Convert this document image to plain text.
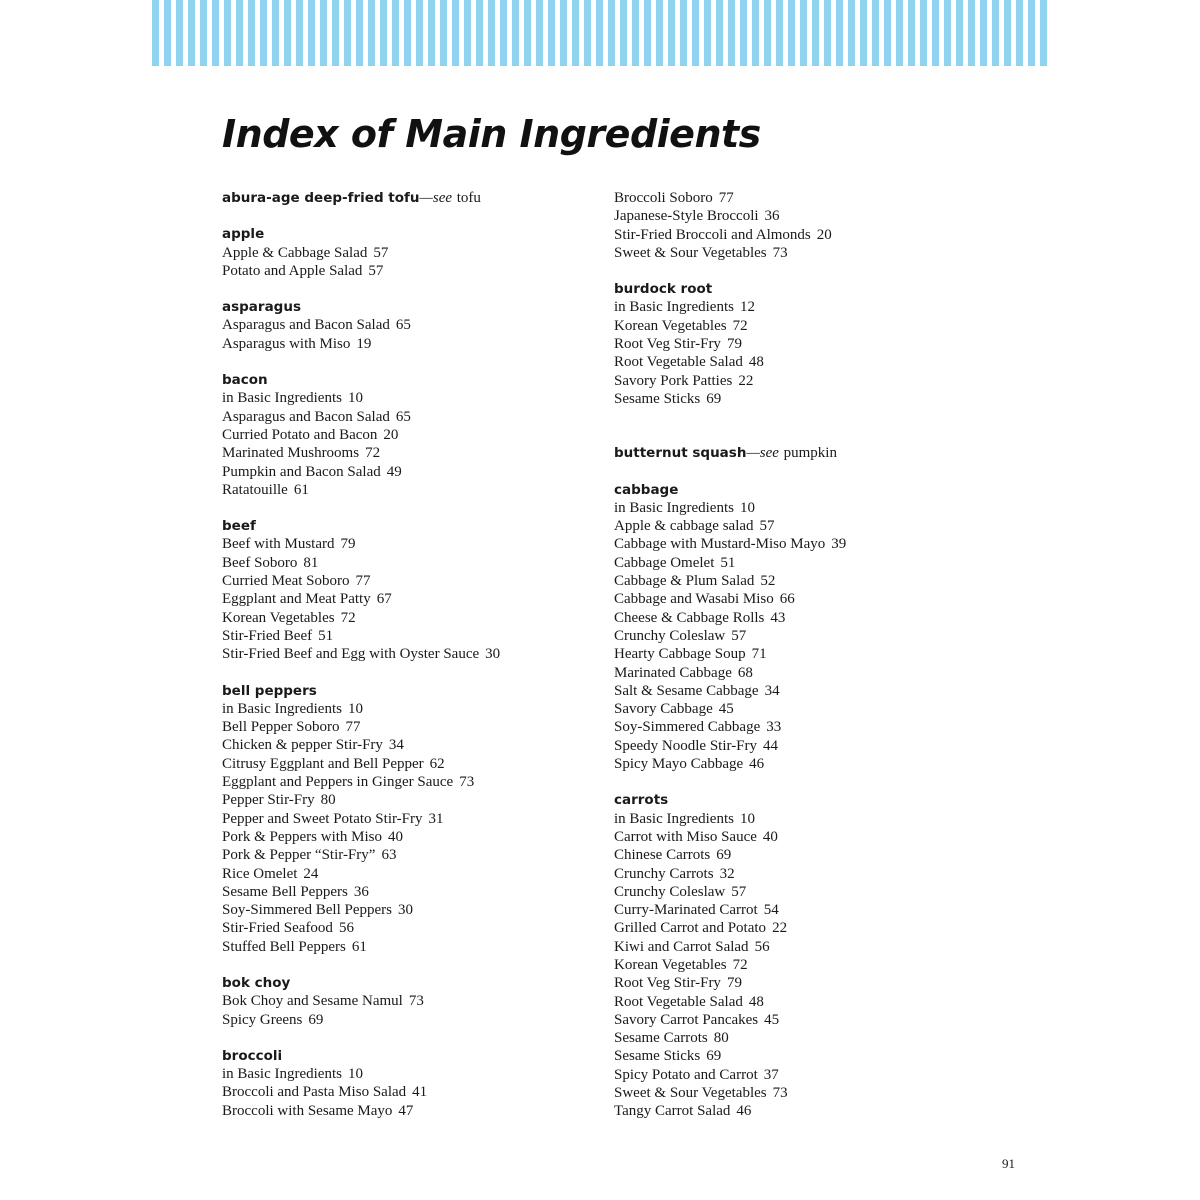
Index of Main Ingredients
abura-age deep-fried tofu—see tofu
apple
Apple & Cabbage Salad 57
Potato and Apple Salad 57
asparagus
Asparagus and Bacon Salad 65
Asparagus with Miso 19
bacon
in Basic Ingredients 10
Asparagus and Bacon Salad 65
Curried Potato and Bacon 20
Marinated Mushrooms 72
Pumpkin and Bacon Salad 49
Ratatouille 61
beef
Beef with Mustard 79
Beef Soboro 81
Curried Meat Soboro 77
Eggplant and Meat Patty 67
Korean Vegetables 72
Stir-Fried Beef 51
Stir-Fried Beef and Egg with Oyster Sauce 30
bell peppers
in Basic Ingredients 10
Bell Pepper Soboro 77
Chicken & pepper Stir-Fry 34
Citrusy Eggplant and Bell Pepper 62
Eggplant and Peppers in Ginger Sauce 73
Pepper Stir-Fry 80
Pepper and Sweet Potato Stir-Fry 31
Pork & Peppers with Miso 40
Pork & Pepper “Stir-Fry” 63
Rice Omelet 24
Sesame Bell Peppers 36
Soy-Simmered Bell Peppers 30
Stir-Fried Seafood 56
Stuffed Bell Peppers 61
bok choy
Bok Choy and Sesame Namul 73
Spicy Greens 69
broccoli
in Basic Ingredients 10
Broccoli and Pasta Miso Salad 41
Broccoli with Sesame Mayo 47
Broccoli Soboro 77
Japanese-Style Broccoli 36
Stir-Fried Broccoli and Almonds 20
Sweet & Sour Vegetables 73
burdock root
in Basic Ingredients 12
Korean Vegetables 72
Root Veg Stir-Fry 79
Root Vegetable Salad 48
Savory Pork Patties 22
Sesame Sticks 69
butternut squash—see pumpkin
cabbage
in Basic Ingredients 10
Apple & cabbage salad 57
Cabbage with Mustard-Miso Mayo 39
Cabbage Omelet 51
Cabbage & Plum Salad 52
Cabbage and Wasabi Miso 66
Cheese & Cabbage Rolls 43
Crunchy Coleslaw 57
Hearty Cabbage Soup 71
Marinated Cabbage 68
Salt & Sesame Cabbage 34
Savory Cabbage 45
Soy-Simmered Cabbage 33
Speedy Noodle Stir-Fry 44
Spicy Mayo Cabbage 46
carrots
in Basic Ingredients 10
Carrot with Miso Sauce 40
Chinese Carrots 69
Crunchy Carrots 32
Crunchy Coleslaw 57
Curry-Marinated Carrot 54
Grilled Carrot and Potato 22
Kiwi and Carrot Salad 56
Korean Vegetables 72
Root Veg Stir-Fry 79
Root Vegetable Salad 48
Savory Carrot Pancakes 45
Sesame Carrots 80
Sesame Sticks 69
Spicy Potato and Carrot 37
Sweet & Sour Vegetables 73
Tangy Carrot Salad 46
91
